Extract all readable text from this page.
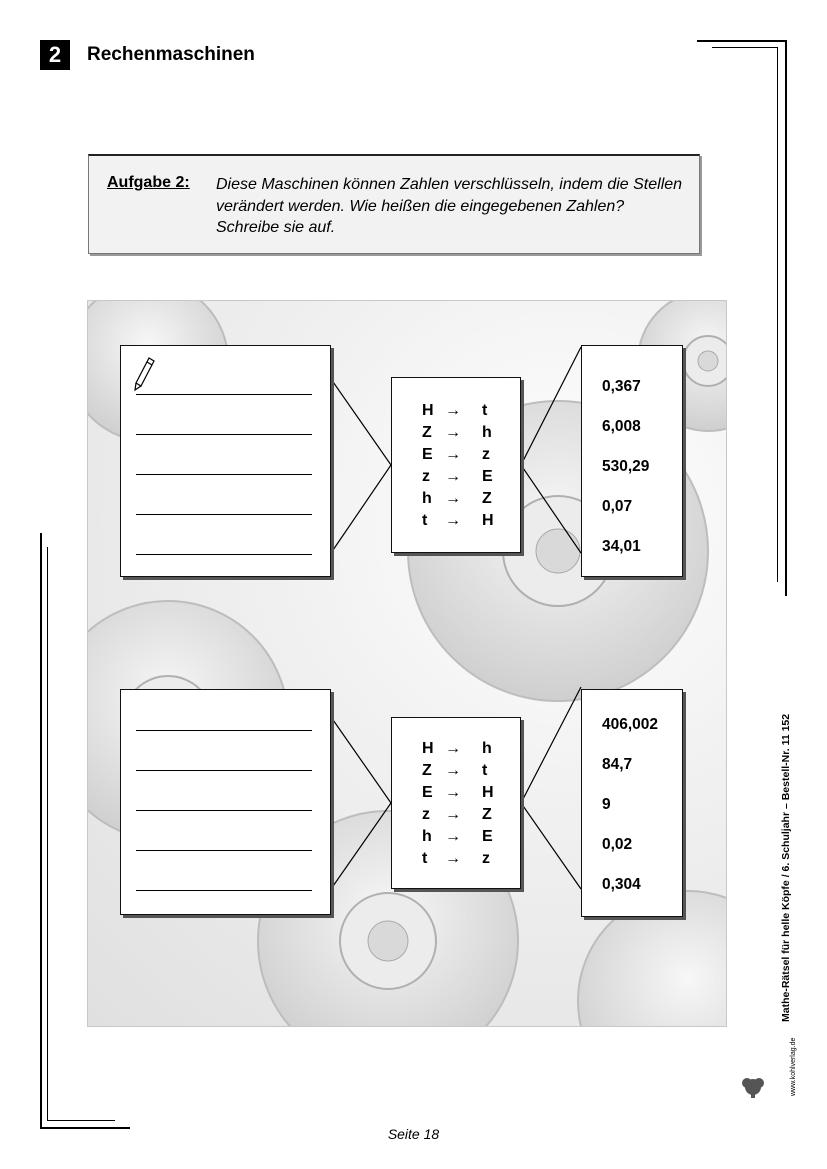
2	Rechenmaschinen
Aufgabe 2: Diese Maschinen können Zahlen verschlüsseln, indem die Stellen verändert werden. Wie heißen die eingegebenen Zahlen? Schreibe sie auf.
H → t
Z → h
E → z
z → E
h → Z
t → H
0,367
6,008
530,29
0,07
34,01
H → h
Z → t
E → H
z → Z
h → E
t → z
406,002
84,7
9
0,02
0,304	Mathe-Rätsel für helle Köpfe / 6. Schuljahr – Bestell-Nr. 11 152
www.kohlverlag.de
Seite 18
